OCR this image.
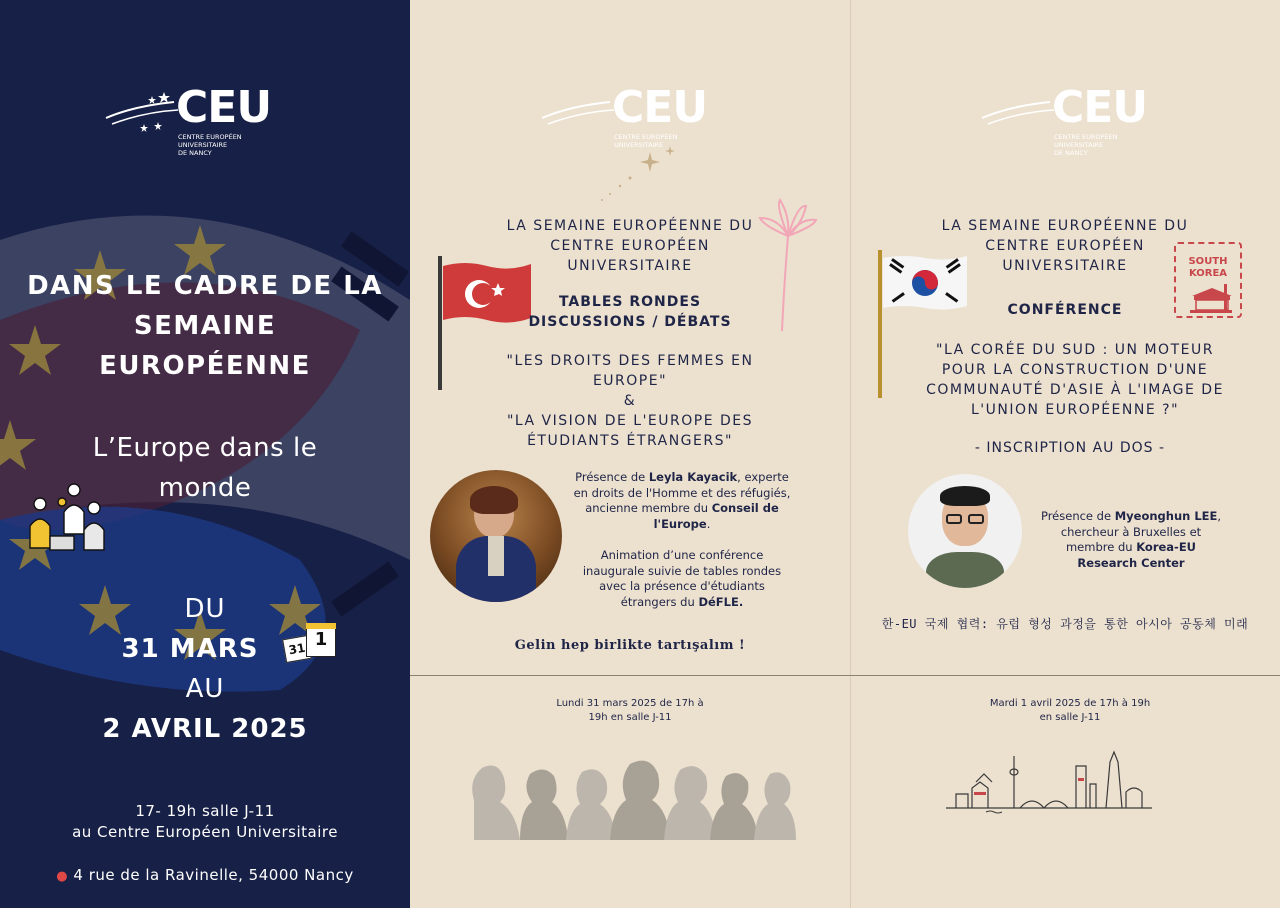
CEU
CENTRE EUROPÉEN UNIVERSITAIRE
DE NANCY
DANS LE CADRE DE LA
SEMAINE
EUROPÉENNE
L’Europe dans le
monde
DU
31 MARS
AU
2 AVRIL 2025
31 1
17- 19h salle J-11
au Centre Européen Universitaire
● 4 rue de la Ravinelle, 54000 Nancy
CEU
CENTRE EUROPÉEN UNIVERSITAIRE
LA SEMAINE EUROPÉENNE DU
CENTRE EUROPÉEN
UNIVERSITAIRE
TABLES RONDES
DISCUSSIONS / DÉBATS
"LES DROITS DES FEMMES EN
EUROPE"
&
"LA VISION DE L'EUROPE DES
ÉTUDIANTS ÉTRANGERS"
Présence de Leyla Kayacik, experte
en droits de l'Homme et des réfugiés,
ancienne membre du Conseil de
l'Europe.
Animation d’une conférence
inaugurale suivie de tables rondes
avec la présence d'étudiants
étrangers du DéFLE.
Gelin hep birlikte tartışalım !
Lundi 31 mars 2025 de 17h à
19h en salle J-11
CEU
CENTRE EUROPÉEN UNIVERSITAIRE
DE NANCY
LA SEMAINE EUROPÉENNE DU
CENTRE EUROPÉEN
UNIVERSITAIRE	SOUTH
KOREA
CONFÉRENCE
"LA CORÉE DU SUD : UN MOTEUR
POUR LA CONSTRUCTION D'UNE
COMMUNAUTÉ D'ASIE À L'IMAGE DE
L'UNION EUROPÉENNE ?"
- INSCRIPTION AU DOS -
Présence de Myeonghun LEE,
chercheur à Bruxelles et
membre du Korea-EU
Research Center
한-EU 국제 협력: 유럽 형성 과정을 통한 아시아 공동체 미래
Mardi 1 avril 2025 de 17h à 19h
en salle J-11
